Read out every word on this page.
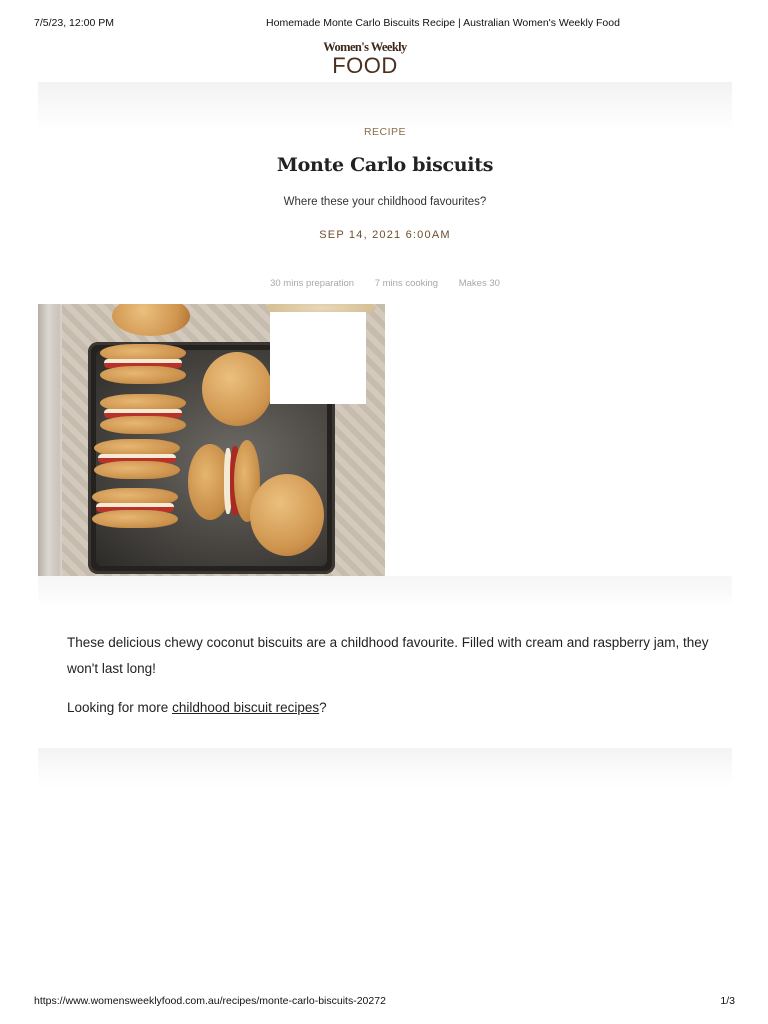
7/5/23, 12:00 PM	Homemade Monte Carlo Biscuits Recipe | Australian Women's Weekly Food
Women's Weekly
FOOD
RECIPE
Monte Carlo biscuits
Where these your childhood favourites?
SEP 14, 2021 6:00AM
30 mins preparation 7 mins cooking Makes 30

These delicious chewy coconut biscuits are a childhood favourite. Filled with cream and raspberry jam, they won't last long!

Looking for more childhood biscuit recipes?

https://www.womensweeklyfood.com.au/recipes/monte-carlo-biscuits-20272	1/3
